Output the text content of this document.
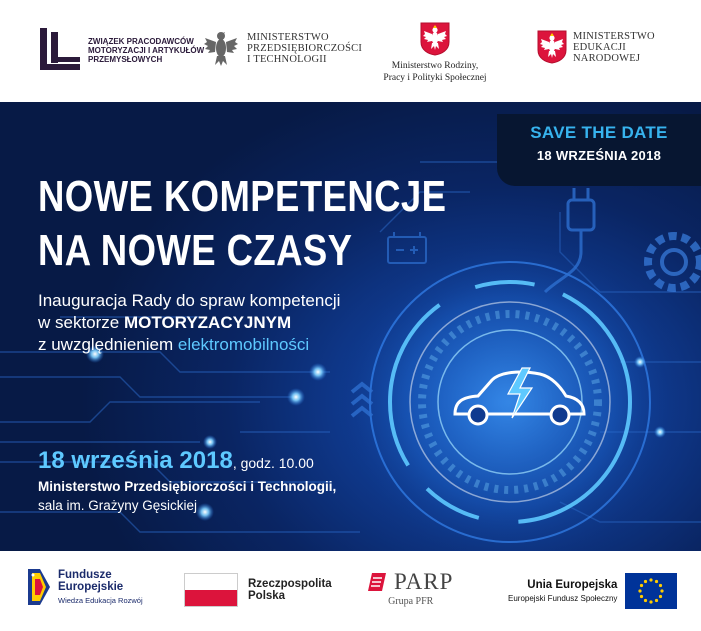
ZWIĄZEK PRACODAWCÓW
MOTORYZACJI I ARTYKUŁÓW
PRZEMYSŁOWYCH
MINISTERSTWO
PRZEDSIĘBIORCZOŚCI
I TECHNOLOGII
Ministerstwo Rodziny,
Pracy i Polityki Społecznej
MINISTERSTWO
EDUKACJI
NARODOWEJ
SAVE THE DATE
18 WRZEŚNIA 2018
NOWE KOMPETENCJE
NA NOWE CZASY
Inauguracja Rady do spraw kompetencji
w sektorze MOTORYZACYJNYM
z uwzględnieniem elektromobilności
18 września 2018, godz. 10.00
Ministerstwo Przedsiębiorczości i Technologii,
sala im. Grażyny Gęsickiej
Fundusze
Europejskie
Wiedza Edukacja Rozwój
Rzeczpospolita
Polska
PARP
Grupa PFR
Unia Europejska
Europejski Fundusz Społeczny
